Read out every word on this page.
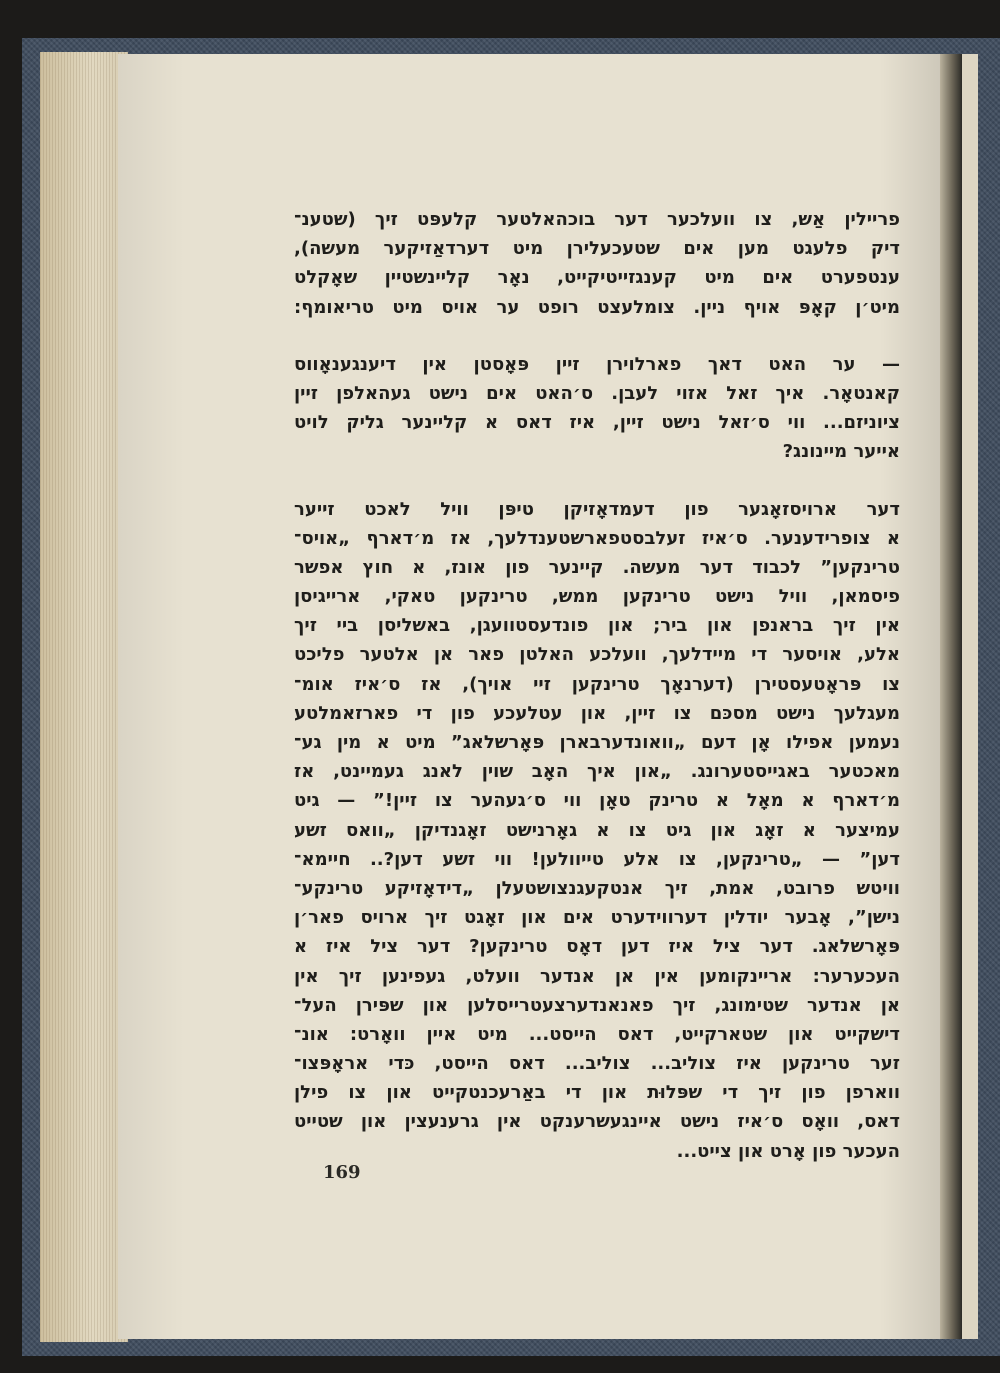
פריילין אַש, צו וועלכער דער בוכהאלטער קלעפּט זיך (שטענ־
דיק פלעגט מען אים שטעכעלירן מיט דערדאַזיקער מעשה),
ענטפערט אים מיט קענגזייטיקייט, נאָר קליינשטיין שאָקלט
מיט׳ן קאָפּ אויף ניין. צומלעצט רופט ער אויס מיט טריאומף:
— ער האט דאך פארלוירן זיין פּאָסטן אין דיענגענאָווס
קאנטאָר. איך זאל אזוי לעבן. ס׳האט אים נישט געהאלפן זיין
ציוניזם... ווי ס׳זאל נישט זיין, איז דאס א קליינער גליק לויט
אייער מיינונג?
דער ארויסזאָגער פון דעמדאָזיקן טיפּן וויל לאכט זייער
א צופרידענער. ס׳איז זעלבסטפארשטענדלעך, אז מ׳דארף „אויס־
טרינקען” לכבוד דער מעשה. קיינער פון אונז, א חוץ אפשר
פיסמאן, וויל נישט טרינקען ממש, טרינקען טאקי, ארייגיסן
אין זיך בראנפן און ביר; און פונדעסטוועגן, באשליסן ביי זיך
אלע, אויסער די מיידלעך, וועלכע האלטן פאר אן אלטער פליכט
צו פּראָטעסטירן (דערנאָך טרינקען זיי אויך), אז ס׳איז אומ־
מעגלעך נישט מסכּם צו זיין, און עטלעכע פון די פארזאמלטע
נעמען אפילו אָן דעם „וואונדערבארן פּאָרשלאג” מיט א מין גע־
מאכטער באגייסטערונג. „און איך האָב שוין לאנג געמיינט, אז
מ׳דארף א מאָל א טרינק טאָן ווי ס׳געהער צו זיין!” — גיט
עמיצער א זאָג און גיט צו א גאָרנישט זאָגנדיקן „וואס זשע
דען” — „טרינקען, צו אלע טייוולען! ווי זשע דען?.. חיימא־
וויטש פרובט, אמת, זיך אנטקעגנצושטעלן „דידאָזיקע טרינקע־
נישן”, אָבער יודלין דערווידערט אים און זאָגט זיך ארויס פאר׳ן
פּאָרשלאג. דער ציל איז דען דאָס טרינקען? דער ציל איז א
העכערער: אריינקומען אין אן אנדער וועלט, געפינען זיך אין
אן אנדער שטימונג, זיך פאנאנדערצעטרייסלען און שפּירן העל־
דישקייט און שטארקייט, דאס הייסט... מיט איין וואָרט: אונ־
זער טרינקען איז צוליב... צוליב... דאס הייסט, כּדי אראָפּצו־
ווארפן פון זיך די שפּלוּת און די באַרעכנטקייט און צו פילן
דאס, וואָס ס׳איז נישט איינגעשרענקט אין גרענעצין און שטייט
העכער פון אָרט און צייט...
169
